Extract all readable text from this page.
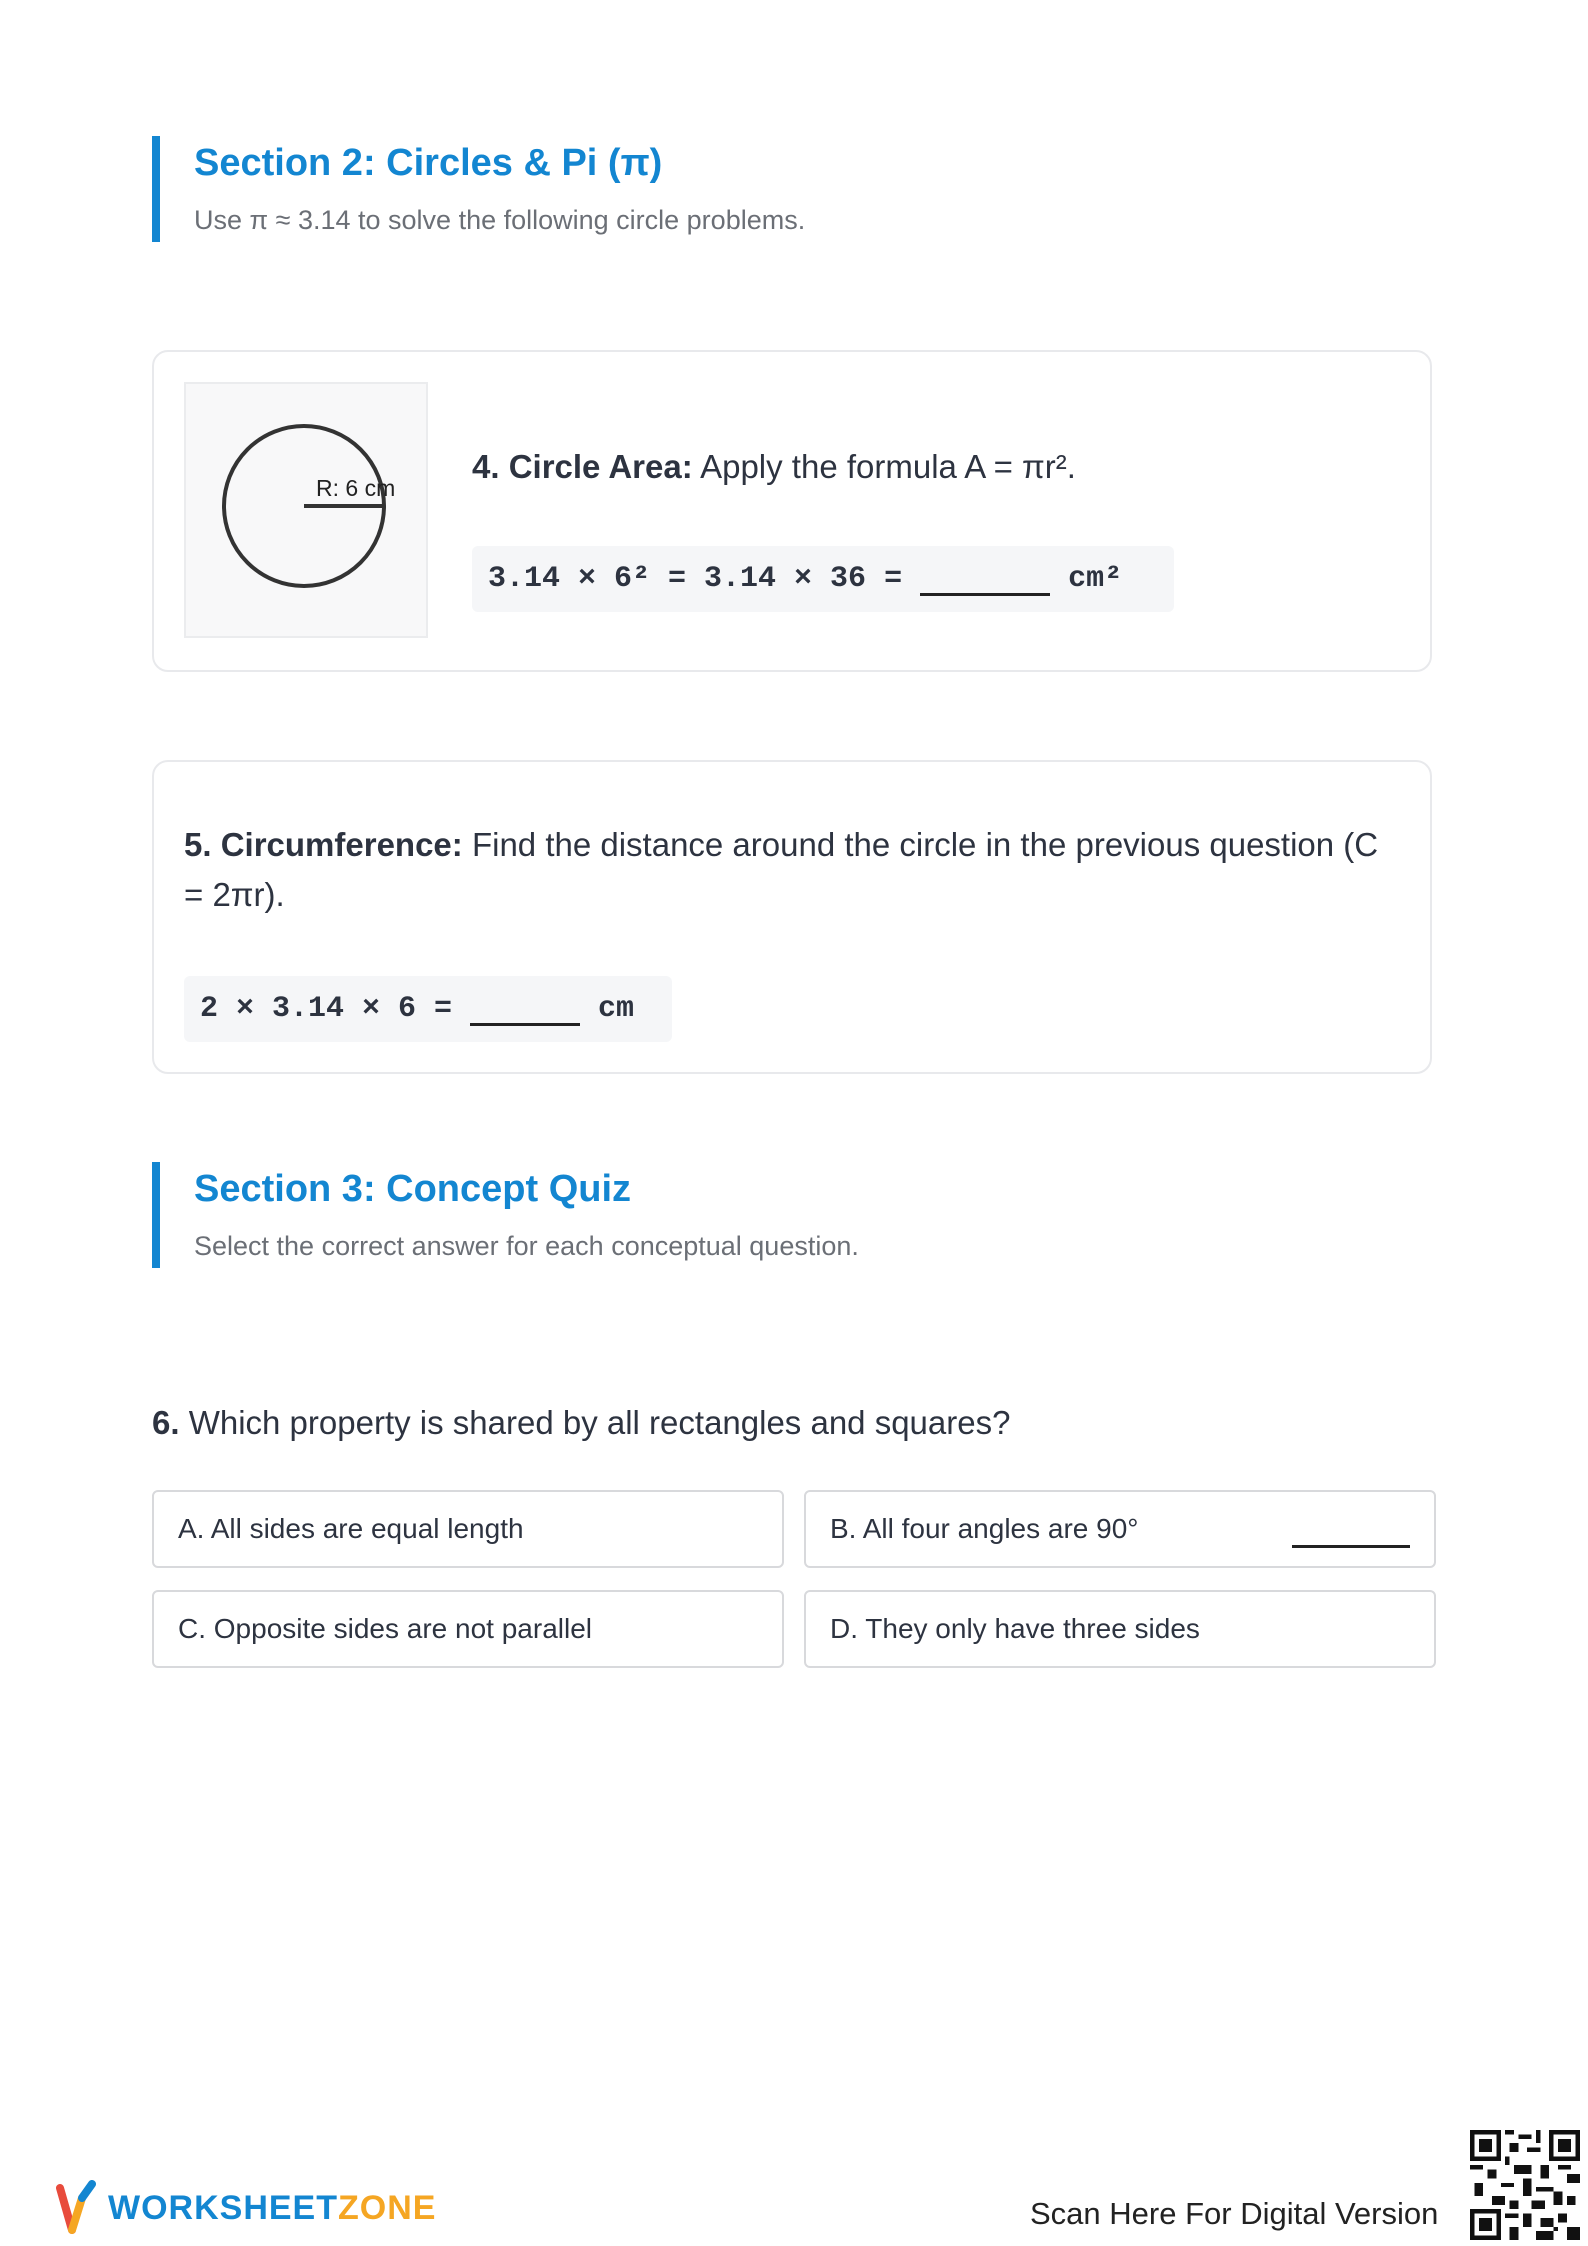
Section 2: Circles & Pi (π)
Use π ≈ 3.14 to solve the following circle problems.
R: 6 cm
4. Circle Area: Apply the formula A = πr².
3.14 × 6² = 3.14 × 36 =	cm²
5. Circumference: Find the distance around the circle in the previous question (C = 2πr).
2 × 3.14 × 6 =	cm
Section 3: Concept Quiz
Select the correct answer for each conceptual question.
6. Which property is shared by all rectangles and squares?
A. All sides are equal length	B. All four angles are 90°
C. Opposite sides are not parallel	D. They only have three sides
WORKSHEETZONE	Scan Here For Digital Version
